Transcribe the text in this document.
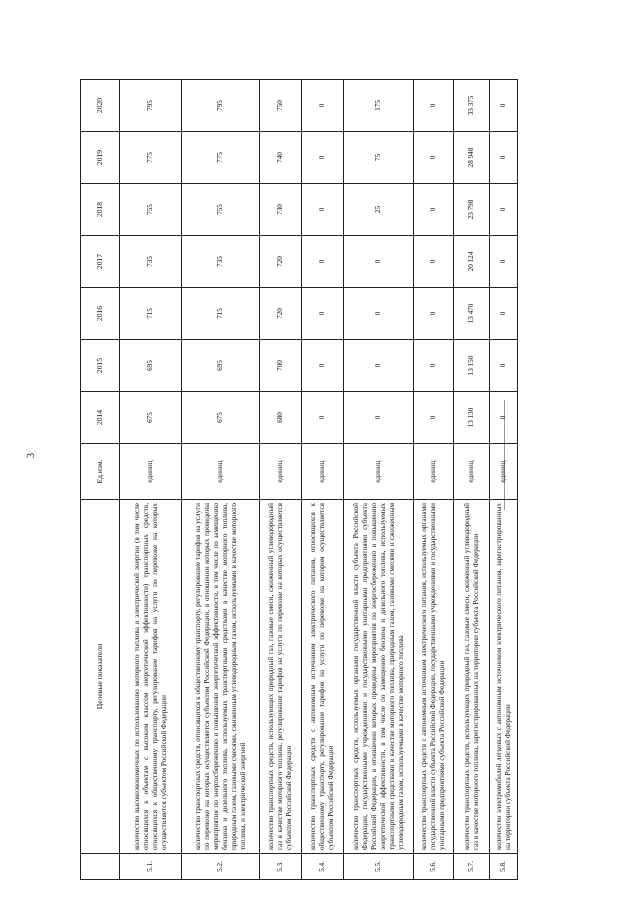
3
	Целевые показатели	Ед.изм.	2014	2015	2016	2017	2018	2019	2020
5.1.	количество высокоэкономичных по использованию моторного топлива и электрической энергии (в том числе относящихся к объектам с высоким классом энергетической эффективности) транспортных средств, относящихся к общественному транспорту, регулирование тарифов на услуги по перевозке на которых осуществляется субъектом Российской Федерации	единиц	675	695	715	735	755	775	795
5.2.	количество транспортных средств, относящихся к общественному транспорту, регулирование тарифов на услуги по перевозке на которых осуществляется субъектом Российской Федерации, в отношении которых проведены мероприятия по энергосбережению и повышению энергетической эффективности, в том числе по замещению бензина и дизельного топлива, используемых транспортными средствами в качестве моторного топлива, природным газом, газовыми смесями, сжиженным углеводородным газом, используемыми в качестве моторного топлива, и электрической энергией	единиц	675	695	715	735	755	775	795
5.3.	количество транспортных средств, использующих природный газ, газовые смеси, сжиженный углеводородный газ в качестве моторного топлива, регулирование тарифов на услуги по перевозке на которых осуществляется субъектом Российской Федерации	единиц	680	700	720	720	730	740	750
5.4.	количество транспортных средств с автономным источником электрического питания, относящихся к общественному транспорту, регулирование тарифов на услуги по перевозке на котором осуществляется субъектом Российской Федерации	единиц	0	0	0	0	0	0	0
5.5.	количество транспортных средств, используемых органами государственной власти субъекта Российской Федерации, государственными учреждениями и государственными унитарными предприятиями субъекта Российской Федерации, в отношении которых проведены мероприятия по энергосбережению и повышению энергетической эффективности, в том числе по замещению бензина и дизельного топлива, используемых транспортными средствами в качестве моторного топлива, природным газом, газовыми смесями и сжиженным углеводородным газом, используемыми в качестве моторного топлива	единиц	0	0	0	0	25	75	175
5.6.	количество транспортных средств с автономным источником электрического питания, используемых органами государственной власти субъекта Российской Федерации, государственными учреждениями и государственными унитарными предприятиями субъекта Российской Федерации	единиц	0	0	0	0	0	0	0
5.7.	количество транспортных средств, использующих природный газ, газовые смеси, сжиженный углеводородный газ в качестве моторного топлива, зарегистрированных на территории субъекта Российской Федерации	единиц	13 130	13 150	13 470	20 124	23 798	28 948	33 375
5.8.	количество электромобилей легковых с автономным источником электрического питания, зарегистрированных на территории субъекта Российской Федерации	единиц	0	0	0	0	0	0	0
